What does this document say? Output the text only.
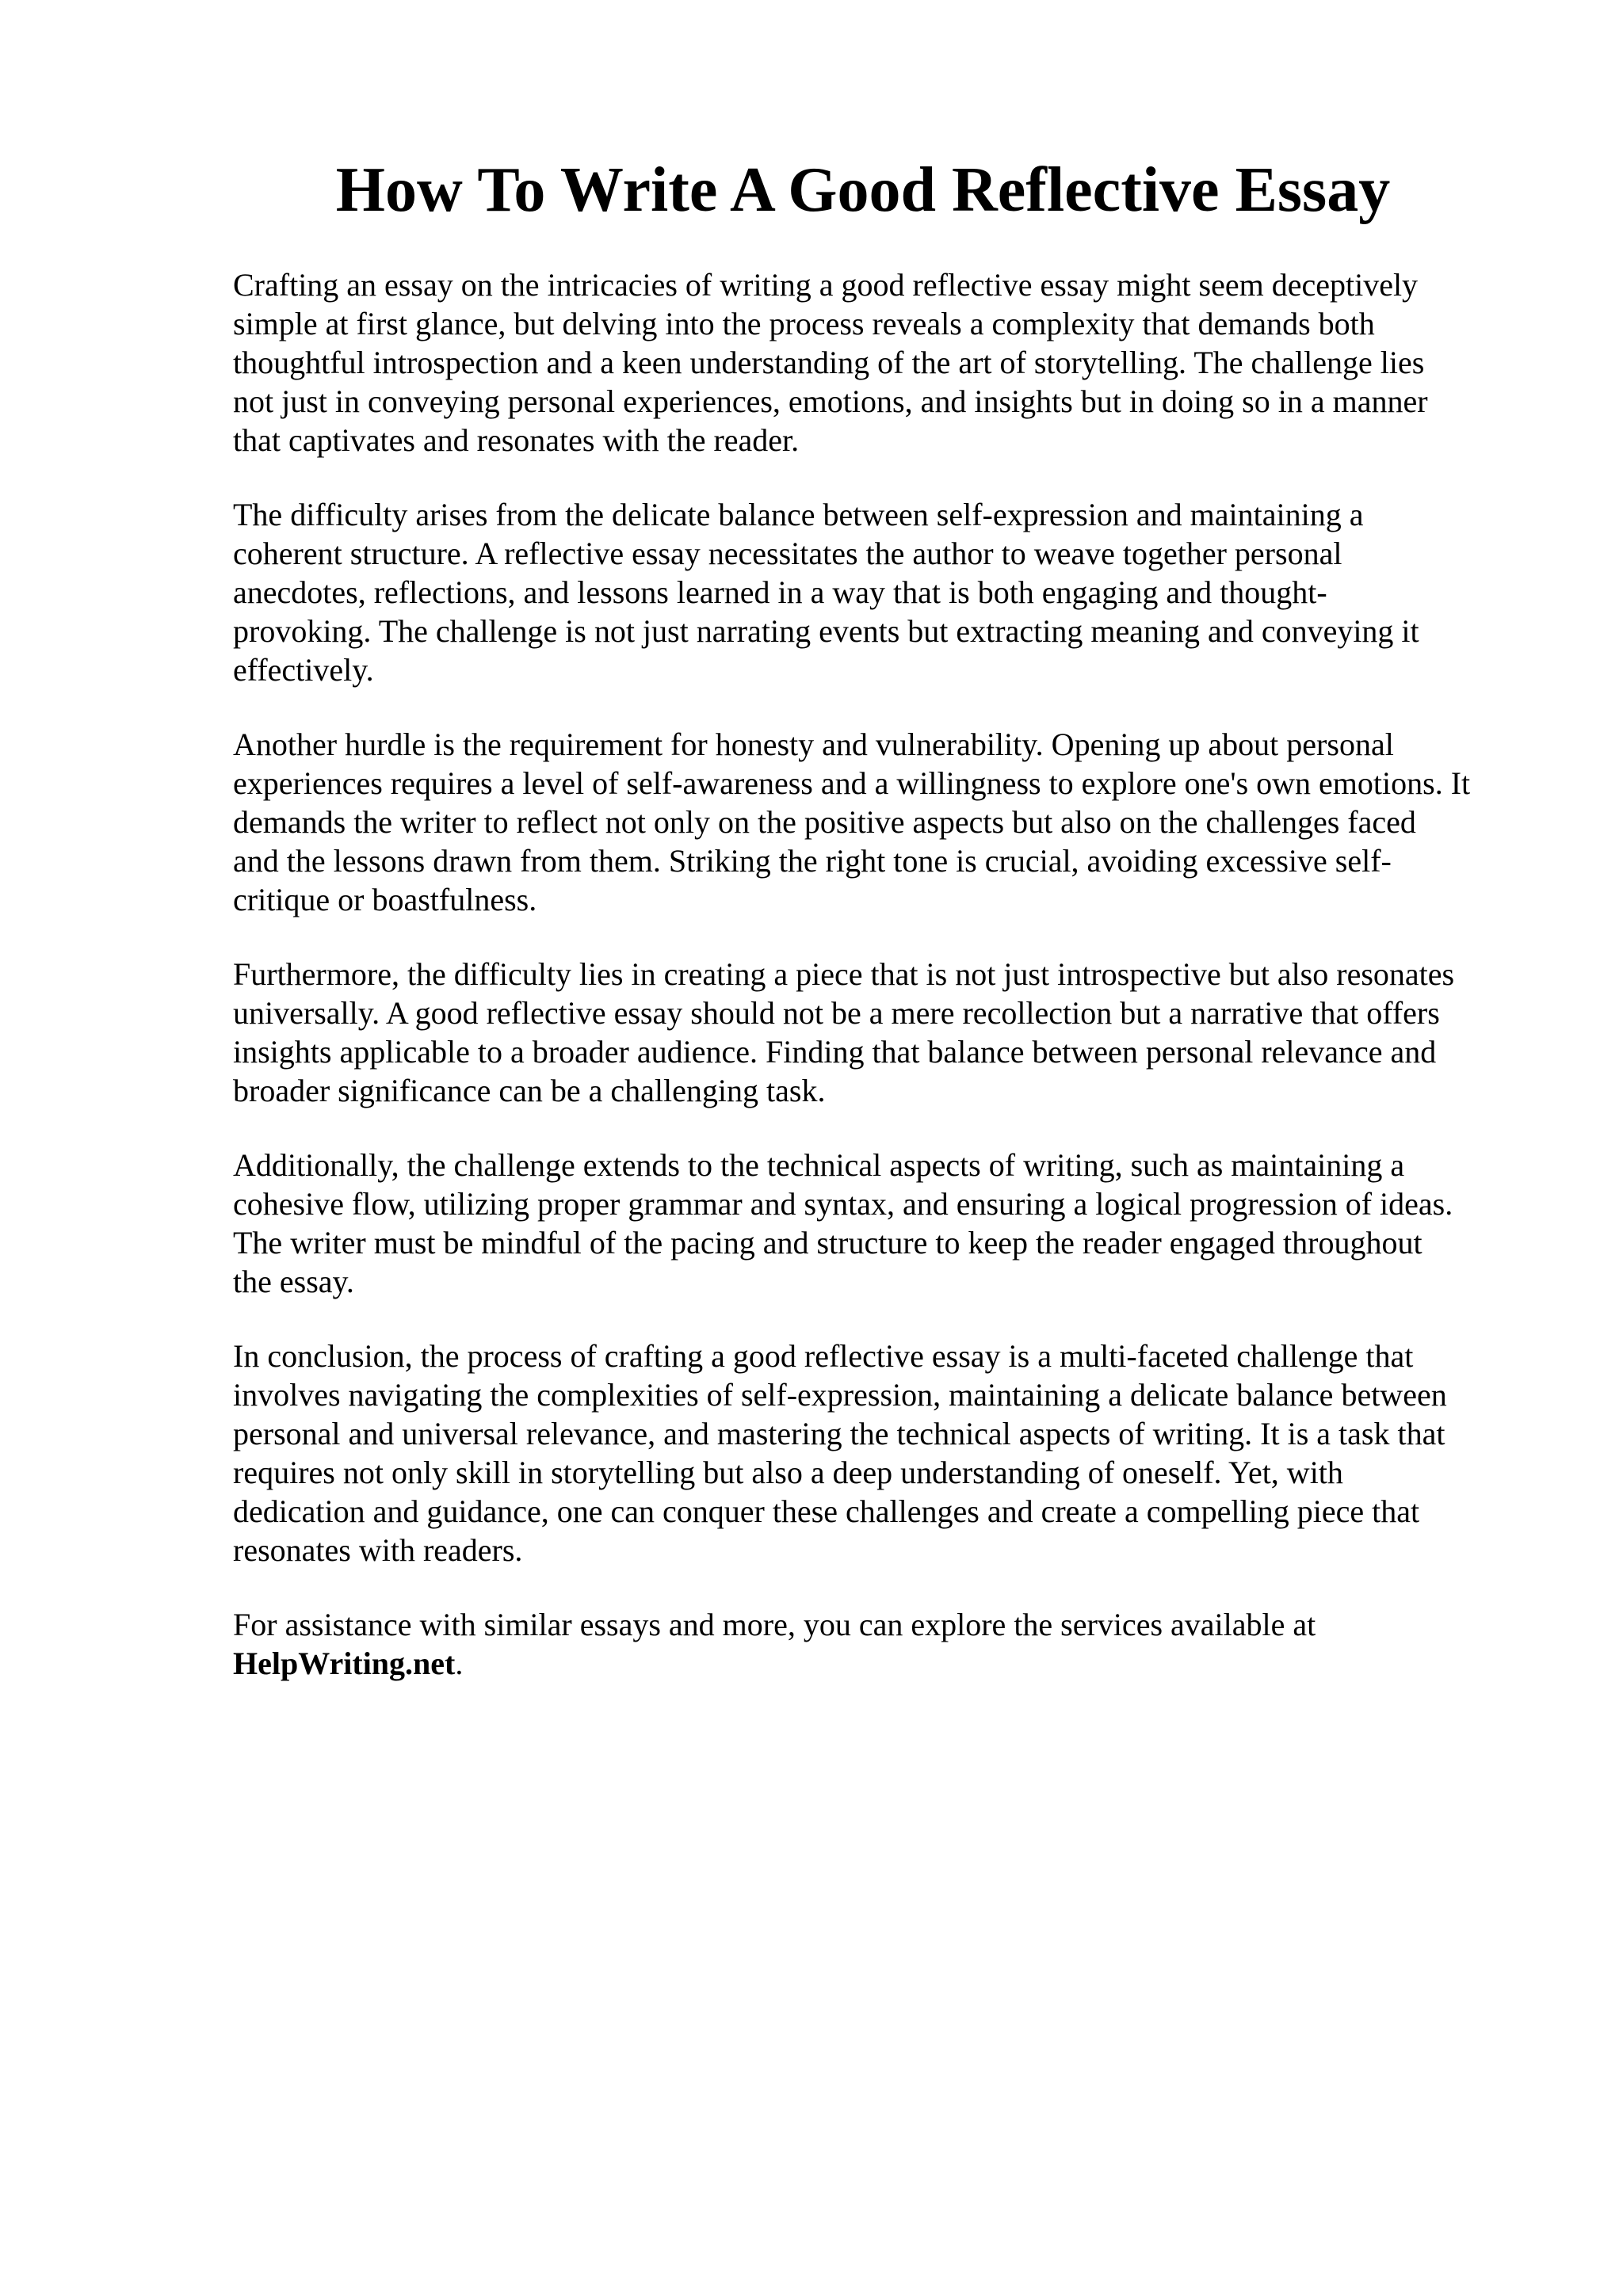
How To Write A Good Reflective Essay

Crafting an essay on the intricacies of writing a good reflective essay might seem deceptively
simple at first glance, but delving into the process reveals a complexity that demands both
thoughtful introspection and a keen understanding of the art of storytelling. The challenge lies
not just in conveying personal experiences, emotions, and insights but in doing so in a manner
that captivates and resonates with the reader.

The difficulty arises from the delicate balance between self-expression and maintaining a
coherent structure. A reflective essay necessitates the author to weave together personal
anecdotes, reflections, and lessons learned in a way that is both engaging and thought-
provoking. The challenge is not just narrating events but extracting meaning and conveying it
effectively.

Another hurdle is the requirement for honesty and vulnerability. Opening up about personal
experiences requires a level of self-awareness and a willingness to explore one's own emotions. It
demands the writer to reflect not only on the positive aspects but also on the challenges faced
and the lessons drawn from them. Striking the right tone is crucial, avoiding excessive self-
critique or boastfulness.

Furthermore, the difficulty lies in creating a piece that is not just introspective but also resonates
universally. A good reflective essay should not be a mere recollection but a narrative that offers
insights applicable to a broader audience. Finding that balance between personal relevance and
broader significance can be a challenging task.

Additionally, the challenge extends to the technical aspects of writing, such as maintaining a
cohesive flow, utilizing proper grammar and syntax, and ensuring a logical progression of ideas.
The writer must be mindful of the pacing and structure to keep the reader engaged throughout
the essay.

In conclusion, the process of crafting a good reflective essay is a multi-faceted challenge that
involves navigating the complexities of self-expression, maintaining a delicate balance between
personal and universal relevance, and mastering the technical aspects of writing. It is a task that
requires not only skill in storytelling but also a deep understanding of oneself. Yet, with
dedication and guidance, one can conquer these challenges and create a compelling piece that
resonates with readers.

For assistance with similar essays and more, you can explore the services available at
HelpWriting.net.
